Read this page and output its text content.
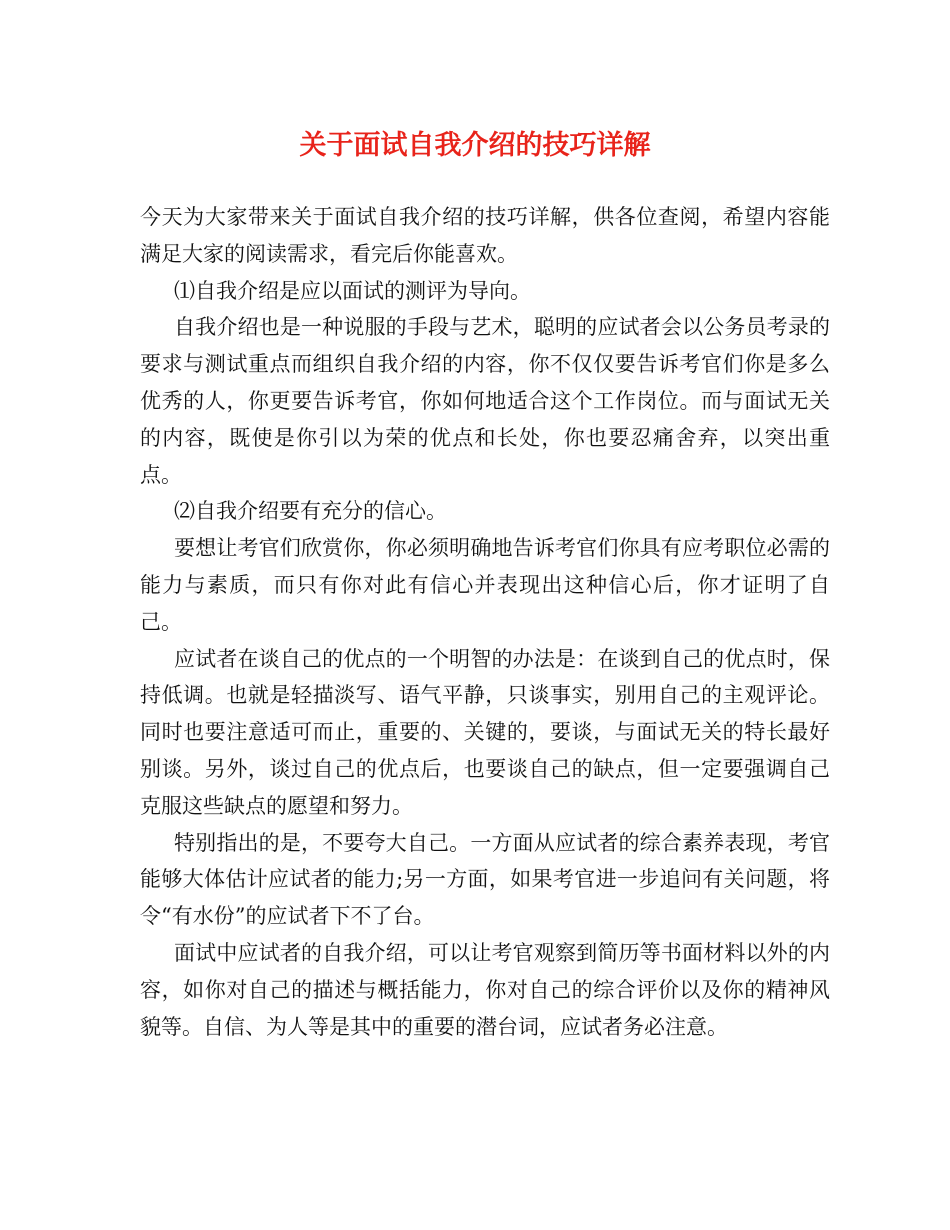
关于面试自我介绍的技巧详解

今天为大家带来关于面试自我介绍的技巧详解，供各位查阅，希望内容能满足大家的阅读需求，看完后你能喜欢。

⑴自我介绍是应以面试的测评为导向。

自我介绍也是一种说服的手段与艺术，聪明的应试者会以公务员考录的要求与测试重点而组织自我介绍的内容，你不仅仅要告诉考官们你是多么优秀的人，你更要告诉考官，你如何地适合这个工作岗位。而与面试无关的内容，既使是你引以为荣的优点和长处，你也要忍痛舍弃，以突出重点。

⑵自我介绍要有充分的信心。

要想让考官们欣赏你，你必须明确地告诉考官们你具有应考职位必需的能力与素质，而只有你对此有信心并表现出这种信心后，你才证明了自己。

应试者在谈自己的优点的一个明智的办法是：在谈到自己的优点时，保持低调。也就是轻描淡写、语气平静，只谈事实，别用自己的主观评论。同时也要注意适可而止，重要的、关键的，要谈，与面试无关的特长最好别谈。另外，谈过自己的优点后，也要谈自己的缺点，但一定要强调自己克服这些缺点的愿望和努力。

特别指出的是，不要夸大自己。一方面从应试者的综合素养表现，考官能够大体估计应试者的能力;另一方面，如果考官进一步追问有关问题，将令“有水份”的应试者下不了台。

面试中应试者的自我介绍，可以让考官观察到简历等书面材料以外的内容，如你对自己的描述与概括能力，你对自己的综合评价以及你的精神风貌等。自信、为人等是其中的重要的潜台词，应试者务必注意。
